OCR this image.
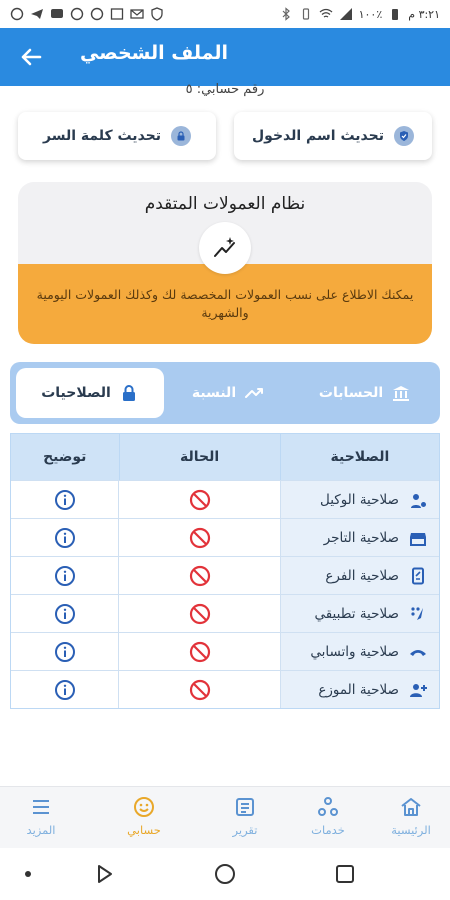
١٠٠٪ ٣:٢١ م
الملف الشخصي
رقم حسابي: ٥
تحديث اسم الدخول
تحديث كلمة السر
نظام العمولات المتقدم
يمكنك الاطلاع على نسب العمولات المخصصة لك وكذلك العمولات اليومية والشهرية
الحسابات
النسبة
الصلاحيات
الصلاحية
الحالة
توضيح
صلاحية الوكيل
صلاحية التاجر
صلاحية الفرع
صلاحية تطبيقي
صلاحية واتسابي
صلاحية الموزع
الرئيسية
خدمات
تقرير
حسابي
المزيد
